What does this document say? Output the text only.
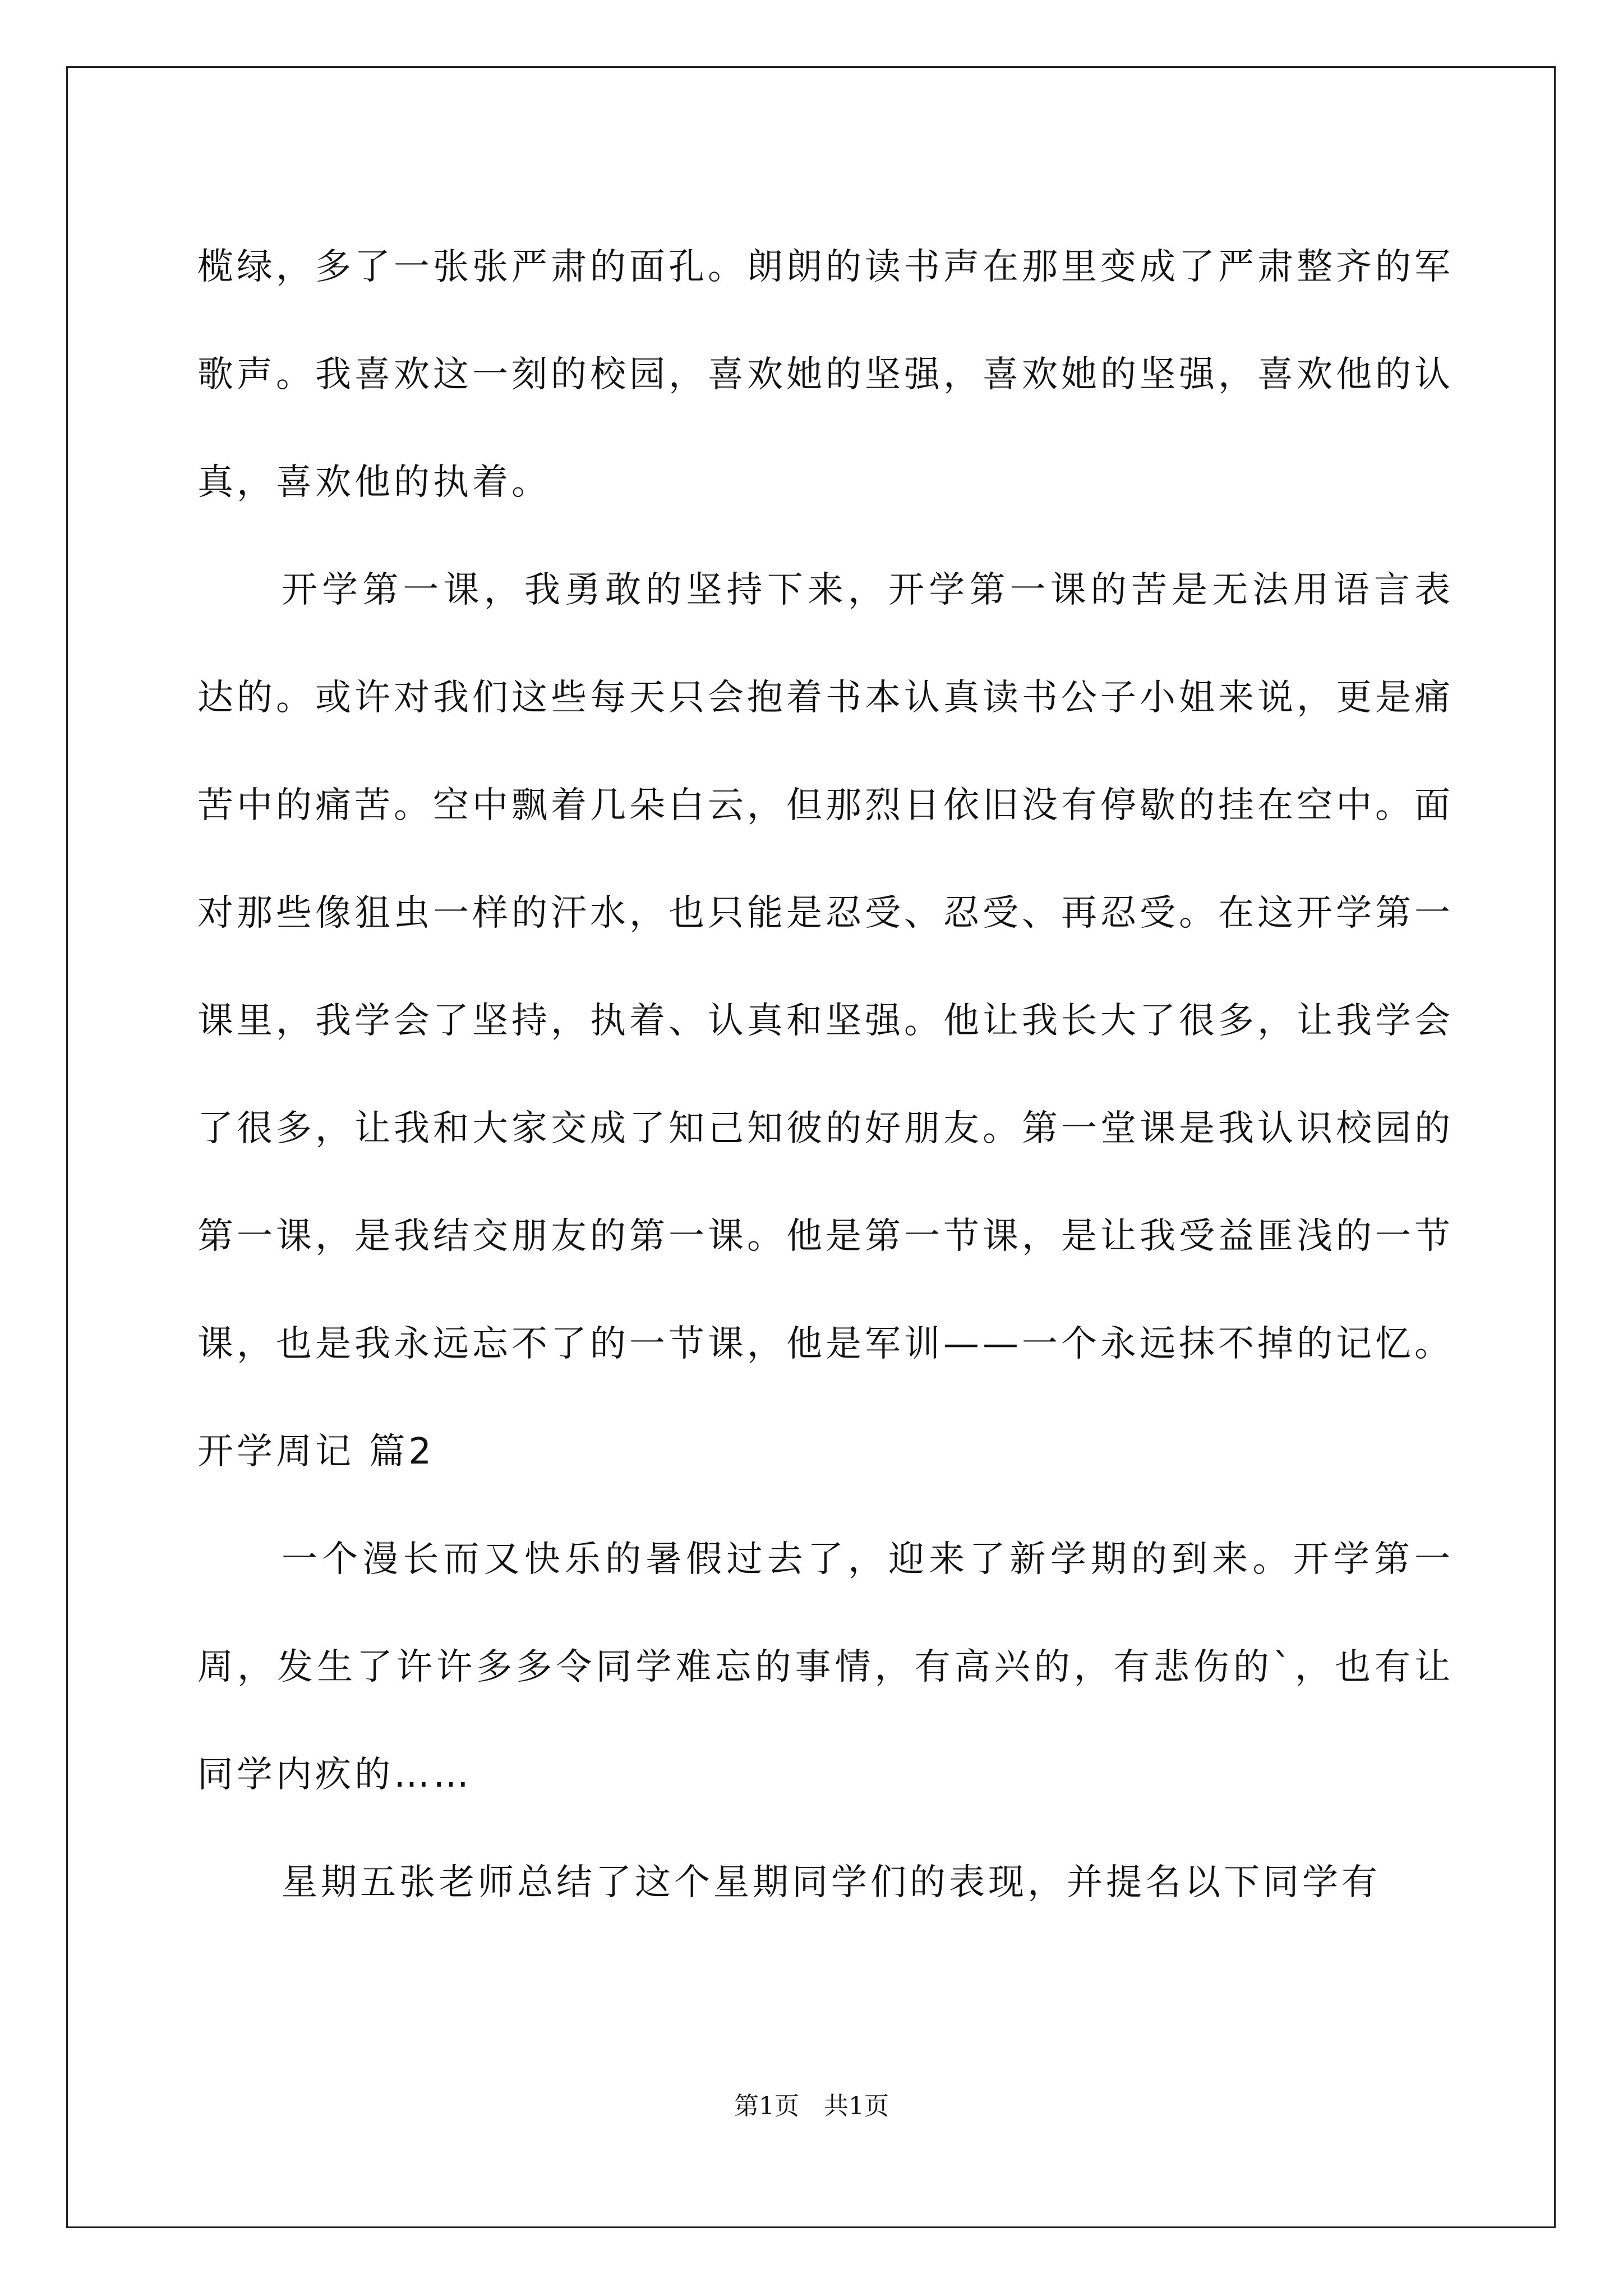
榄绿，多了一张张严肃的面孔。朗朗的读书声在那里变成了严肃整齐的军歌声。我喜欢这一刻的校园，喜欢她的坚强，喜欢她的坚强，喜欢他的认真，喜欢他的执着。

开学第一课，我勇敢的坚持下来，开学第一课的苦是无法用语言表达的。或许对我们这些每天只会抱着书本认真读书公子小姐来说，更是痛苦中的痛苦。空中飘着几朵白云，但那烈日依旧没有停歇的挂在空中。面对那些像狙虫一样的汗水，也只能是忍受、忍受、再忍受。在这开学第一课里，我学会了坚持，执着、认真和坚强。他让我长大了很多，让我学会了很多，让我和大家交成了知己知彼的好朋友。第一堂课是我认识校园的第一课，是我结交朋友的第一课。他是第一节课，是让我受益匪浅的一节课，也是我永远忘不了的一节课，他是军训——一个永远抹不掉的记忆。

开学周记 篇2

一个漫长而又快乐的暑假过去了，迎来了新学期的到来。开学第一周，发生了许许多多令同学难忘的事情，有高兴的，有悲伤的`，也有让同学内疚的……

星期五张老师总结了这个星期同学们的表现，并提名以下同学有

第1页 共1页
